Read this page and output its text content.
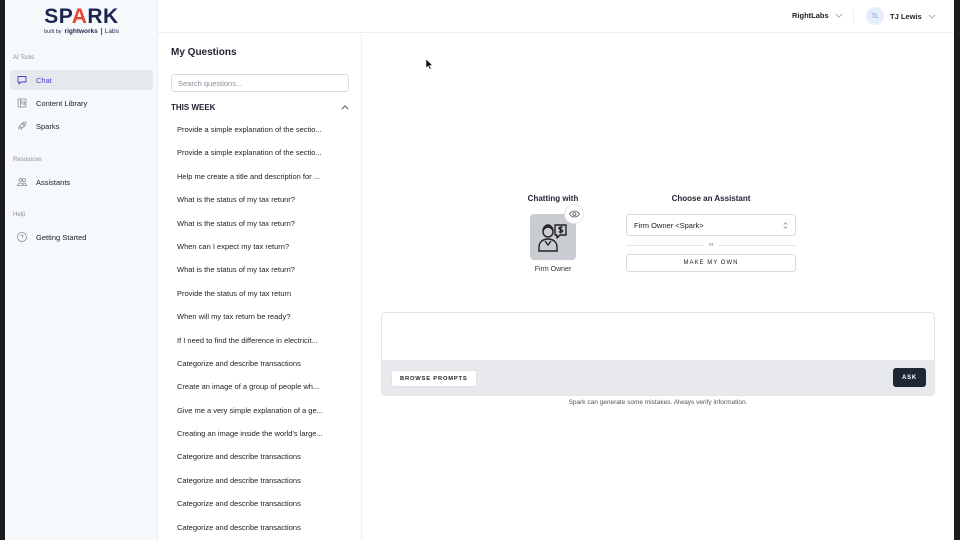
SPARK
built by rightworks Labs
AI Tools
Chat
Content Library
Sparks
Resources
Assistants
Help
Getting Started
RightLabs	TL	TJ Lewis
My Questions
Search questions...
THIS WEEK
Provide a simple explanation of the sectio...
Provide a simple explanation of the sectio...
Help me create a title and description for ...
What is the status of my tax retunr?
What is the status of my tax return?
When can I expect my tax return?
What is the status of my tax return?
Provide the status of my tax return
When will my tax return be ready?
If I need to find the difference in electricit...
Categorize and describe transactions
Create an image of a group of people wh...
Give me a very simple explanation of a ge...
Creating an image inside the world's large...
Categorize and describe transactions
Categorize and describe transactions
Categorize and describe transactions
Categorize and describe transactions
Chatting with
Firm Owner
Choose an Assistant
Firm Owner <Spark>
or
MAKE MY OWN
BROWSE PROMPTS	ASK
Spark can generate some mistakes. Always verify information.
